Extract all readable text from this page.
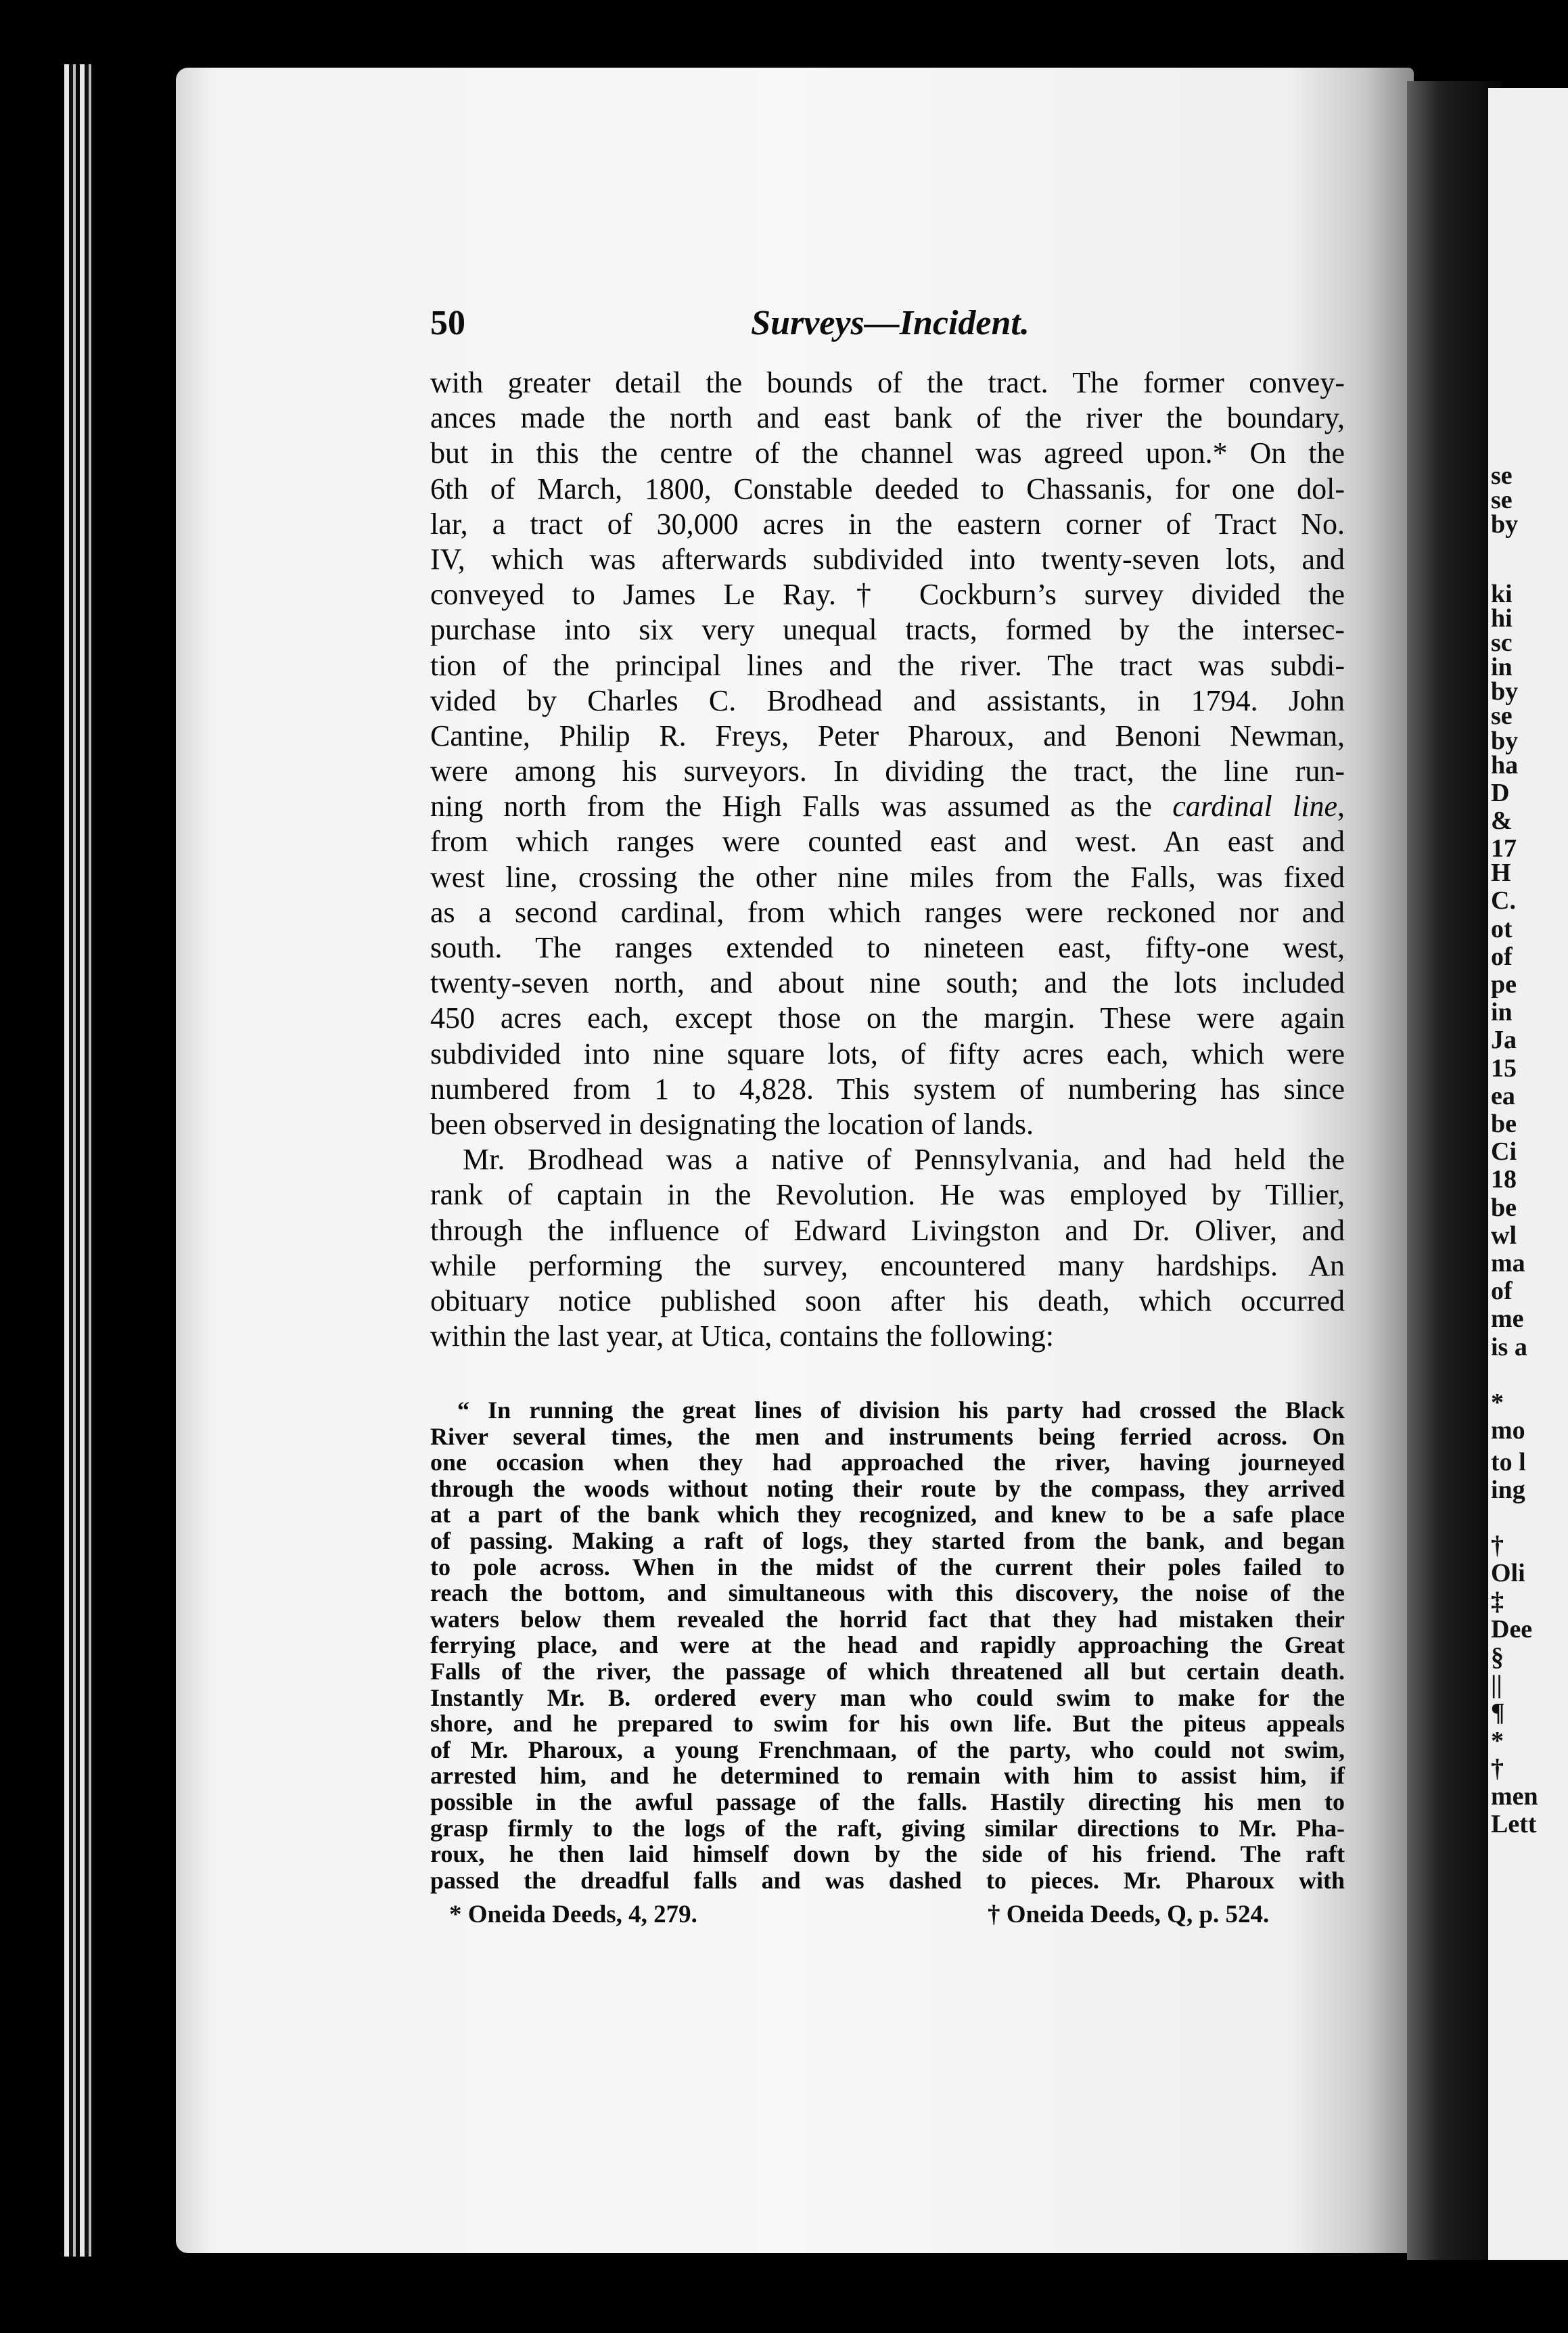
se
se
by
ki
hi
sc
in
by
se
by
ha
D
&
17
H
C.
ot
of
pe
in
Ja
15
ea
be
Ci
18
be
wl
ma
of
me
is a
*
mo
to l
ing
†
Oli
‡
Dee
§
||
¶
*
†
men
Lett
50	Surveys—Incident.
with greater detail the bounds of the tract. The former convey-
ances made the north and east bank of the river the boundary,
but in this the centre of the channel was agreed upon.* On the
6th of March, 1800, Constable deeded to Chassanis, for one dol-
lar, a tract of 30,000 acres in the eastern corner of Tract No.
IV, which was afterwards subdivided into twenty-seven lots, and
conveyed to James Le Ray.† Cockburn’s survey divided the
purchase into six very unequal tracts, formed by the intersec-
tion of the principal lines and the river. The tract was subdi-
vided by Charles C. Brodhead and assistants, in 1794. John
Cantine, Philip R. Freys, Peter Pharoux, and Benoni Newman,
were among his surveyors. In dividing the tract, the line run-
ning north from the High Falls was assumed as the cardinal line,
from which ranges were counted east and west. An east and
west line, crossing the other nine miles from the Falls, was fixed
as a second cardinal, from which ranges were reckoned nor and
south. The ranges extended to nineteen east, fifty-one west,
twenty-seven north, and about nine south; and the lots included
450 acres each, except those on the margin. These were again
subdivided into nine square lots, of fifty acres each, which were
numbered from 1 to 4,828. This system of numbering has since
been observed in designating the location of lands.
Mr. Brodhead was a native of Pennsylvania, and had held the
rank of captain in the Revolution. He was employed by Tillier,
through the influence of Edward Livingston and Dr. Oliver, and
while performing the survey, encountered many hardships. An
obituary notice published soon after his death, which occurred
within the last year, at Utica, contains the following:
“ In running the great lines of division his party had crossed the Black
River several times, the men and instruments being ferried across. On
one occasion when they had approached the river, having journeyed
through the woods without noting their route by the compass, they arrived
at a part of the bank which they recognized, and knew to be a safe place
of passing. Making a raft of logs, they started from the bank, and began
to pole across. When in the midst of the current their poles failed to
reach the bottom, and simultaneous with this discovery, the noise of the
waters below them revealed the horrid fact that they had mistaken their
ferrying place, and were at the head and rapidly approaching the Great
Falls of the river, the passage of which threatened all but certain death.
Instantly Mr. B. ordered every man who could swim to make for the
shore, and he prepared to swim for his own life. But the piteus appeals
of Mr. Pharoux, a young Frenchmaan, of the party, who could not swim,
arrested him, and he determined to remain with him to assist him, if
possible in the awful passage of the falls. Hastily directing his men to
grasp firmly to the logs of the raft, giving similar directions to Mr. Pha-
roux, he then laid himself down by the side of his friend. The raft
passed the dreadful falls and was dashed to pieces. Mr. Pharoux with
* Oneida Deeds, 4, 279.	† Oneida Deeds, Q, p. 524.
